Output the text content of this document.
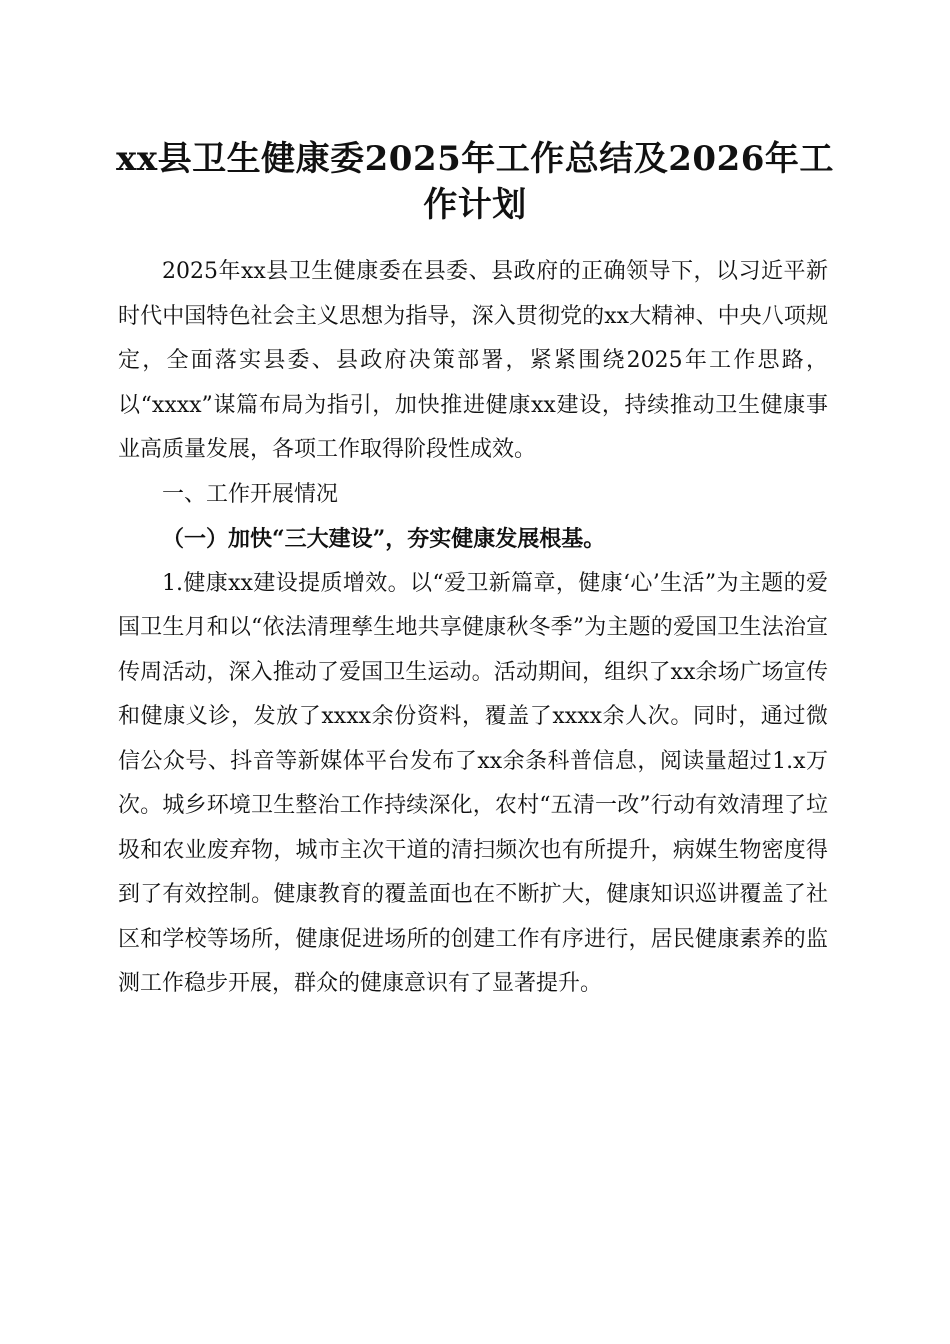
xx县卫生健康委2025年工作总结及2026年工作计划

2025年xx县卫生健康委在县委、县政府的正确领导下，以习近平新时代中国特色社会主义思想为指导，深入贯彻党的xx大精神、中央八项规定，全面落实县委、县政府决策部署，紧紧围绕2025年工作思路，以“xxxx”谋篇布局为指引，加快推进健康xx建设，持续推动卫生健康事业高质量发展，各项工作取得阶段性成效。

一、工作开展情况

（一）加快“三大建设”，夯实健康发展根基。

1.健康xx建设提质增效。以“爱卫新篇章，健康‘心’生活”为主题的爱国卫生月和以“依法清理孳生地共享健康秋冬季”为主题的爱国卫生法治宣传周活动，深入推动了爱国卫生运动。活动期间，组织了xx余场广场宣传和健康义诊，发放了xxxx余份资料，覆盖了xxxx余人次。同时，通过微信公众号、抖音等新媒体平台发布了xx余条科普信息，阅读量超过1.x万次。城乡环境卫生整治工作持续深化，农村“五清一改”行动有效清理了垃圾和农业废弃物，城市主次干道的清扫频次也有所提升，病媒生物密度得到了有效控制。健康教育的覆盖面也在不断扩大，健康知识巡讲覆盖了社区和学校等场所，健康促进场所的创建工作有序进行，居民健康素养的监测工作稳步开展，群众的健康意识有了显著提升。
